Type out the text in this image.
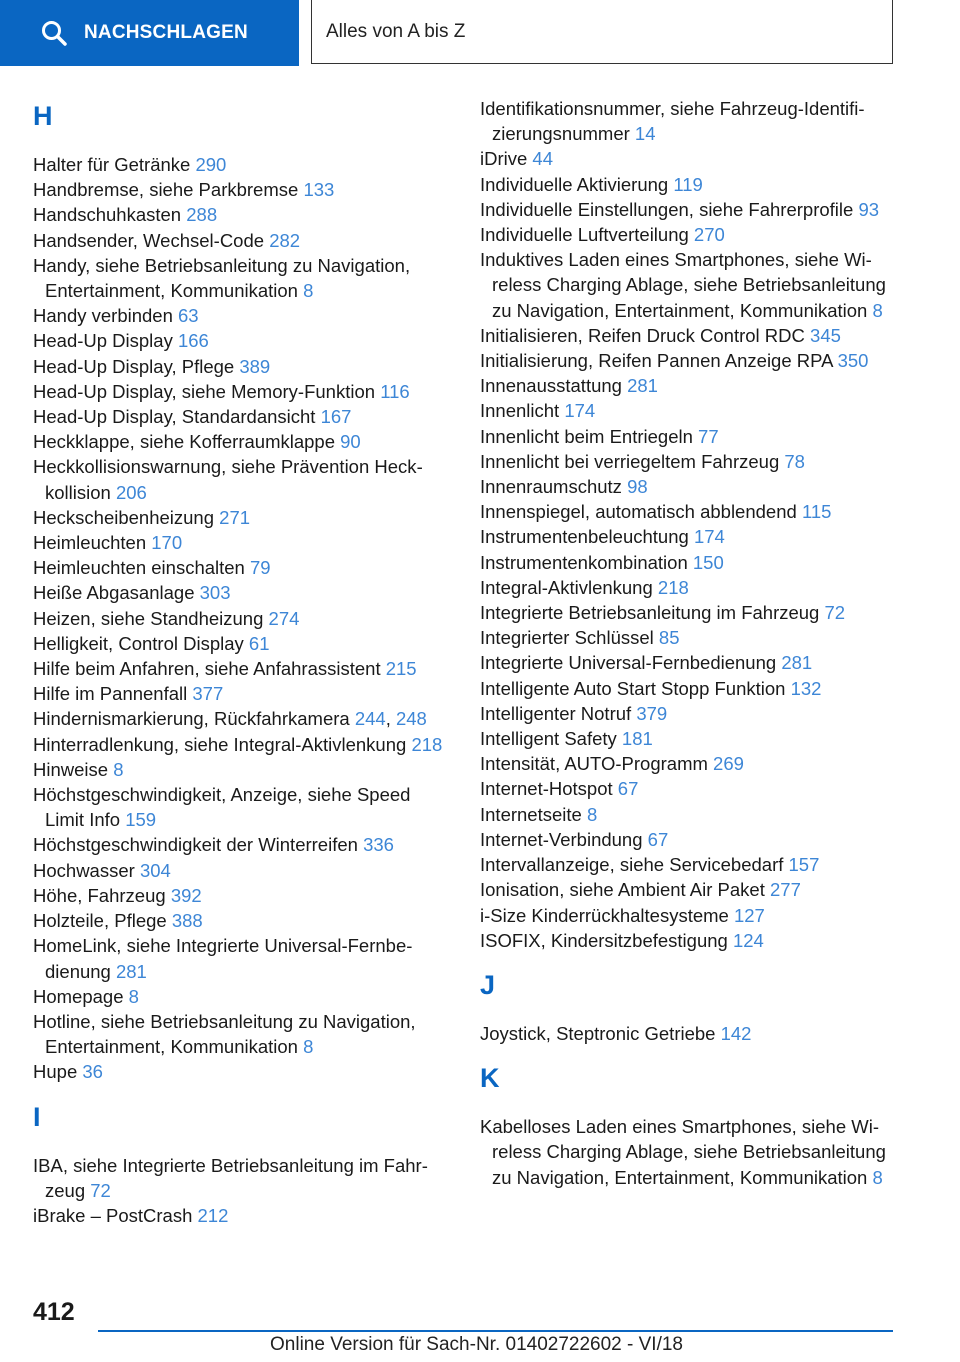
NACHSCHLAGEN	Alles von A bis Z
H
Halter für Getränke 290
Handbremse, siehe Parkbremse 133
Handschuhkasten 288
Handsender, Wechsel-Code 282
Handy, siehe Betriebsanleitung zu Navigation, Entertainment, Kommunikation 8
Handy verbinden 63
Head-Up Display 166
Head-Up Display, Pflege 389
Head-Up Display, siehe Memory-Funktion 116
Head-Up Display, Standardansicht 167
Heckklappe, siehe Kofferraumklappe 90
Heckkollisionswarnung, siehe Prävention Heckkollision 206
Heckscheibenheizung 271
Heimleuchten 170
Heimleuchten einschalten 79
Heiße Abgasanlage 303
Heizen, siehe Standheizung 274
Helligkeit, Control Display 61
Hilfe beim Anfahren, siehe Anfahrassistent 215
Hilfe im Pannenfall 377
Hindernismarkierung, Rückfahrkamera 244, 248
Hinterradlenkung, siehe Integral-Aktivlenkung 218
Hinweise 8
Höchstgeschwindigkeit, Anzeige, siehe Speed Limit Info 159
Höchstgeschwindigkeit der Winterreifen 336
Hochwasser 304
Höhe, Fahrzeug 392
Holzteile, Pflege 388
HomeLink, siehe Integrierte Universal-Fernbedienung 281
Homepage 8
Hotline, siehe Betriebsanleitung zu Navigation, Entertainment, Kommunikation 8
Hupe 36
I
IBA, siehe Integrierte Betriebsanleitung im Fahrzeug 72
iBrake – PostCrash 212
Identifikationsnummer, siehe Fahrzeug-Identifizierungsnummer 14
iDrive 44
Individuelle Aktivierung 119
Individuelle Einstellungen, siehe Fahrerprofile 93
Individuelle Luftverteilung 270
Induktives Laden eines Smartphones, siehe Wireless Charging Ablage, siehe Betriebsanleitung zu Navigation, Entertainment, Kommunikation 8
Initialisieren, Reifen Druck Control RDC 345
Initialisierung, Reifen Pannen Anzeige RPA 350
Innenausstattung 281
Innenlicht 174
Innenlicht beim Entriegeln 77
Innenlicht bei verriegeltem Fahrzeug 78
Innenraumschutz 98
Innenspiegel, automatisch abblendend 115
Instrumentenbeleuchtung 174
Instrumentenkombination 150
Integral-Aktivlenkung 218
Integrierte Betriebsanleitung im Fahrzeug 72
Integrierter Schlüssel 85
Integrierte Universal-Fernbedienung 281
Intelligente Auto Start Stopp Funktion 132
Intelligenter Notruf 379
Intelligent Safety 181
Intensität, AUTO-Programm 269
Internet-Hotspot 67
Internetseite 8
Internet-Verbindung 67
Intervallanzeige, siehe Servicebedarf 157
Ionisation, siehe Ambient Air Paket 277
i-Size Kinderrückhaltesysteme 127
ISOFIX, Kindersitzbefestigung 124
J
Joystick, Steptronic Getriebe 142
K
Kabelloses Laden eines Smartphones, siehe Wireless Charging Ablage, siehe Betriebsanleitung zu Navigation, Entertainment, Kommunikation 8
412
Online Version für Sach-Nr. 01402722602 - VI/18
